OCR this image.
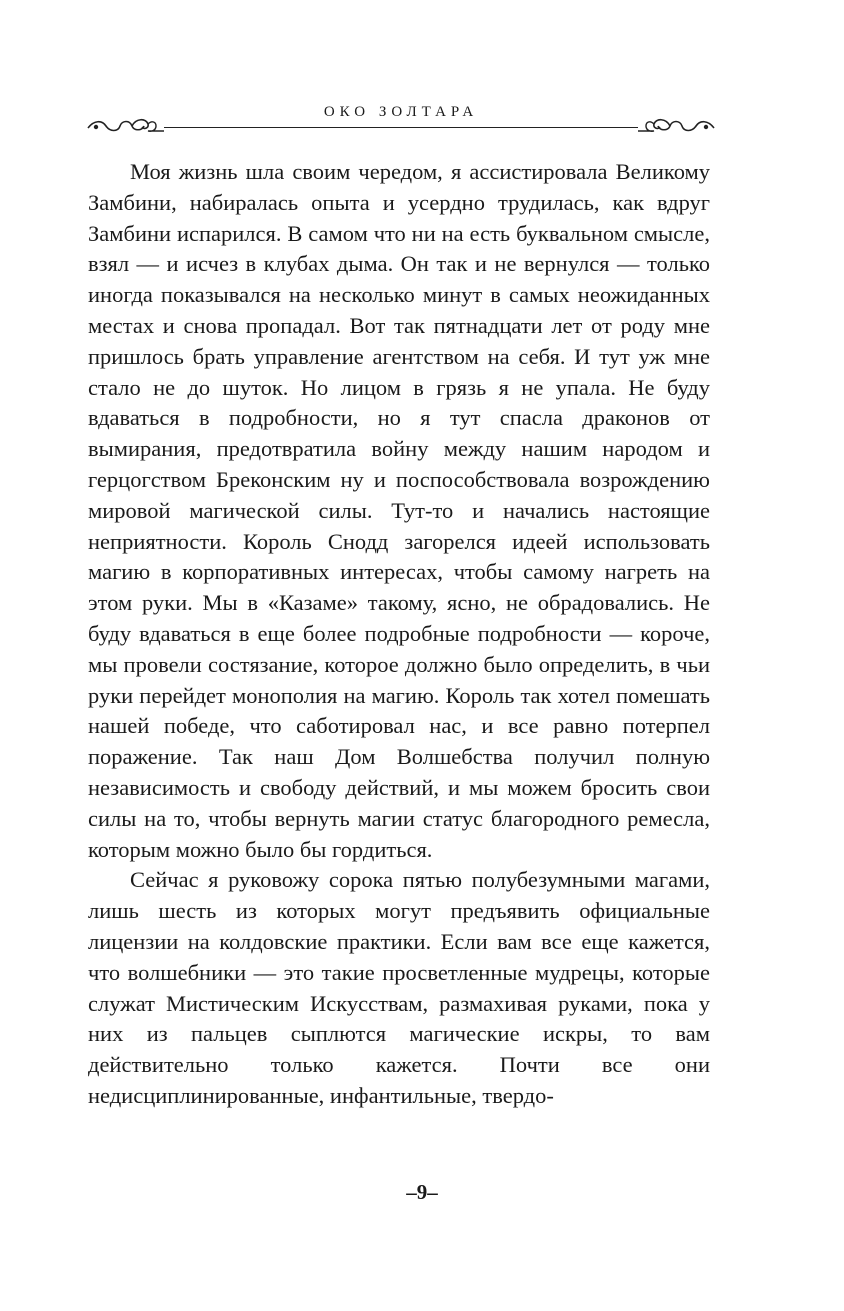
ОКО ЗОЛТАРА

Моя жизнь шла своим чередом, я ассистировала Великому Замбини, набиралась опыта и усердно трудилась, как вдруг Замбини испарился. В самом что ни на есть буквальном смысле, взял — и исчез в клубах дыма. Он так и не вернулся — только иногда показывался на несколько минут в самых неожиданных местах и снова пропадал. Вот так пятнадцати лет от роду мне пришлось брать управление агентством на себя. И тут уж мне стало не до шуток. Но лицом в грязь я не упала. Не буду вдаваться в подробности, но я тут спасла драконов от вымирания, предотвратила войну между нашим народом и герцогством Бреконским ну и поспособствовала возрождению мировой магической силы. Тут-то и начались настоящие неприятности. Король Снодд загорелся идеей использовать магию в корпоративных интересах, чтобы самому нагреть на этом руки. Мы в «Казаме» такому, ясно, не обрадовались. Не буду вдаваться в еще более подробные подробности — короче, мы провели состязание, которое должно было определить, в чьи руки перейдет монополия на магию. Король так хотел помешать нашей победе, что саботировал нас, и все равно потерпел поражение. Так наш Дом Волшебства получил полную независимость и свободу действий, и мы можем бросить свои силы на то, чтобы вернуть магии статус благородного ремесла, которым можно было бы гордиться.

Сейчас я руковожу сорока пятью полубезумными магами, лишь шесть из которых могут предъявить официальные лицензии на колдовские практики. Если вам все еще кажется, что волшебники — это такие просветленные мудрецы, которые служат Мистическим Искусствам, размахивая руками, пока у них из пальцев сыплются магические искры, то вам действительно только кажется. Почти все они недисциплинированные, инфантильные, твердо-

–9–
